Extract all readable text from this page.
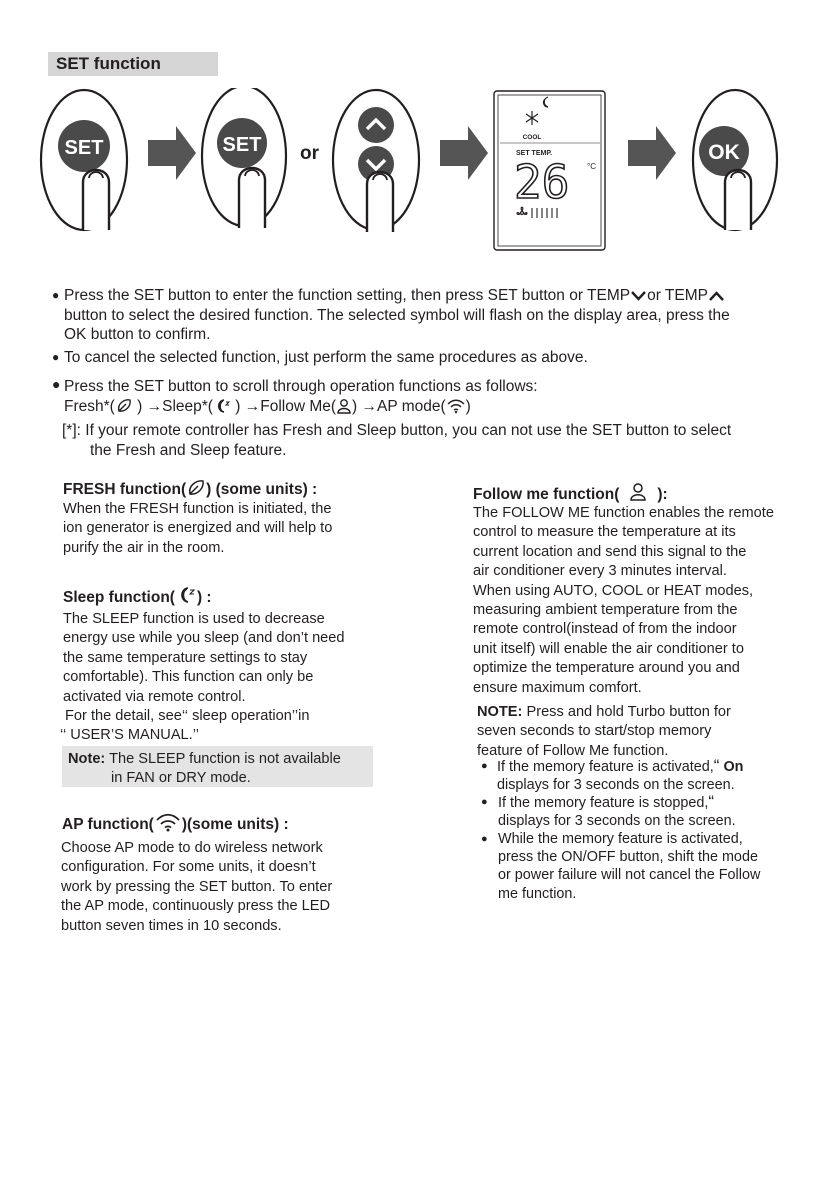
SET function
SET	SET or
COOL
SET TEMP.
26 °C
OK
● Press the SET button to enter the function setting, then press SET button or TEMP or TEMP
button to select the desired function. The selected symbol will flash on the display area, press the
OK button to confirm.
● To cancel the selected function, just perform the same procedures as above.
● Press the SET button to scroll through operation functions as follows:
Fresh*( ) →Sleep*( ) →Follow Me( ) →AP mode( )
[*]: If your remote controller has Fresh and Sleep button, you can not use the SET button to select
the Fresh and Sleep feature.
FRESH function( ) (some units) :
When the FRESH function is initiated, the
ion generator is energized and will help to
purify the air in the room.
Sleep function( ) :
The SLEEP function is used to decrease
energy use while you sleep (and don’t need
the same temperature settings to stay
comfortable). This function can only be
activated via remote control.
For the detail, see‘‘ sleep operation’’in
‘‘ USER’S MANUAL.’’
Note: The SLEEP function is not available
in FAN or DRY mode.
AP function( )(some units) :
Choose AP mode to do wireless network
configuration. For some units, it doesn’t
work by pressing the SET button. To enter
the AP mode, continuously press the LED
button seven times in 10 seconds.
Follow me function( ):
The FOLLOW ME function enables the remote
control to measure the temperature at its
current location and send this signal to the
air conditioner every 3 minutes interval.
When using AUTO, COOL or HEAT modes,
measuring ambient temperature from the
remote control(instead of from the indoor
unit itself) will enable the air conditioner to
optimize the temperature around you and
ensure maximum comfort.
NOTE: Press and hold Turbo button for
seven seconds to start/stop memory
feature of Follow Me function.
● If the memory feature is activated,“ On
displays for 3 seconds on the screen.
● If the memory feature is stopped,“
displays for 3 seconds on the screen.
● While the memory feature is activated,
press the ON/OFF button, shift the mode
or power failure will not cancel the Follow
me function.
